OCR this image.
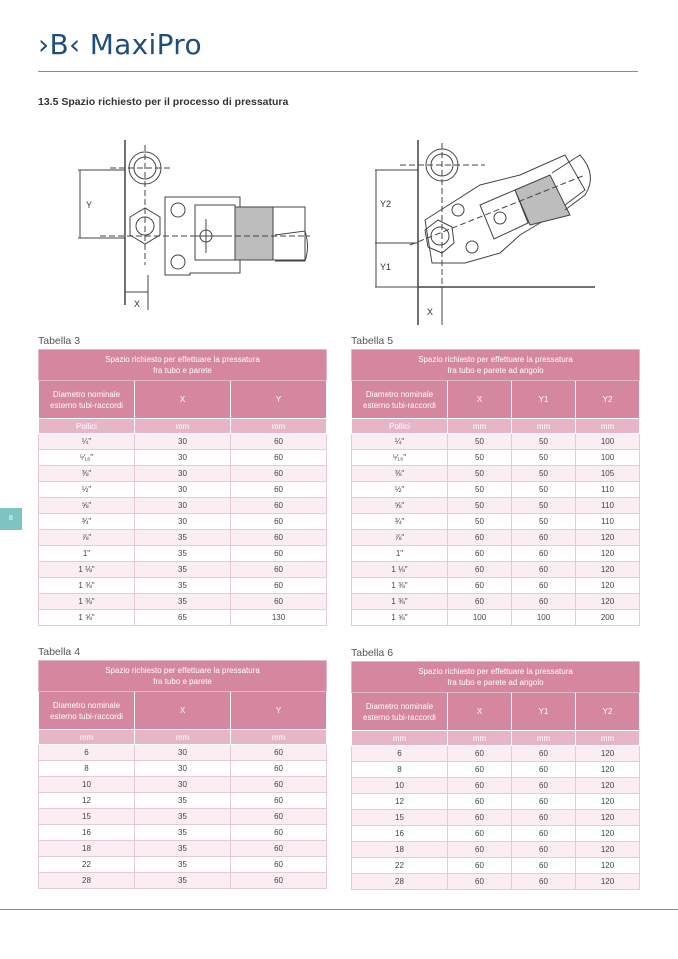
›B‹ MaxiPro
13.5 Spazio richiesto per il processo di pressatura
8
Y
X
Y2
Y1
X
Tabella 3	Tabella 5
Tabella 4	Tabella 6
Spazio richiesto per effettuare la pressatura
fra tubo e parete		
Diametro nominale
esterno tubi-raccordi	X	Y
Pollici	mm	mm
¼"	30	60
⁵⁄₁₆"	30	60
⅜"	30	60
½"	30	60
⅝"	30	60
¾"	30	60
⅞"	35	60
1"	35	60
1 ⅛"	35	60
1 ⅜"	35	60
1 ⅜"	35	60
1 ⅝"	65	130
Spazio richiesto per effettuare la pressatura
fra tubo e parete ad angolo			
Diametro nominale
esterno tubi-raccordi	X	Y1	Y2
Pollici	mm	mm	mm
¼"	50	50	100
⁵⁄₁₆"	50	50	100
⅜"	50	50	105
½"	50	50	110
⅝"	50	50	110
¾"	50	50	110
⅞"	60	60	120
1"	60	60	120
1 ⅛"	60	60	120
1 ⅜"	60	60	120
1 ⅜"	60	60	120
1 ⅝"	100	100	200
Spazio richiesto per effettuare la pressatura
fra tubo e parete		
Diametro nominale
esterno tubi-raccordi	X	Y
mm	mm	mm
6	30	60
8	30	60
10	30	60
12	35	60
15	35	60
16	35	60
18	35	60
22	35	60
28	35	60
Spazio richiesto per effettuare la pressatura
fra tubo e parete ad angolo			
Diametro nominale
esterno tubi-raccordi	X	Y1	Y2
mm	mm	mm	mm
6	60	60	120
8	60	60	120
10	60	60	120
12	60	60	120
15	60	60	120
16	60	60	120
18	60	60	120
22	60	60	120
28	60	60	120
